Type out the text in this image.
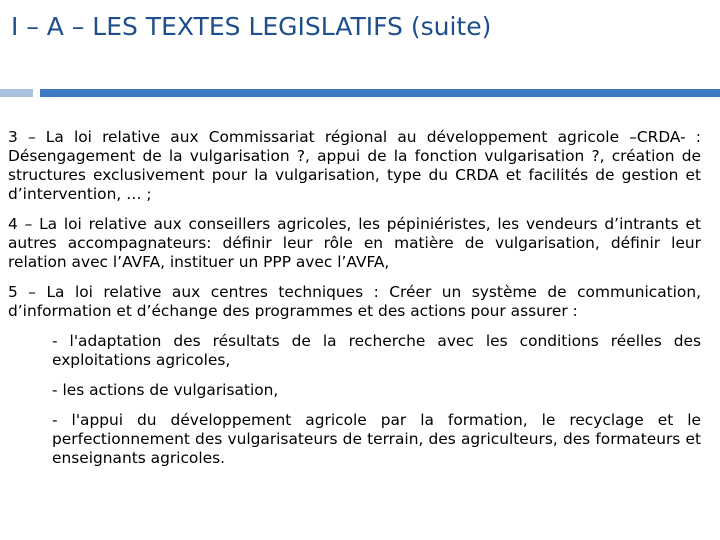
I – A – LES TEXTES LEGISLATIFS (suite)

3 – La loi relative aux Commissariat régional au développement agricole –CRDA- : Désengagement de la vulgarisation ?, appui de la fonction vulgarisation ?, création de structures exclusivement pour la vulgarisation, type du CRDA et facilités de gestion et d’intervention, … ;

4 – La loi relative aux conseillers agricoles, les pépiniéristes, les vendeurs d’intrants et autres accompagnateurs: définir leur rôle en matière de vulgarisation, définir leur relation avec l’AVFA, instituer un PPP avec l’AVFA,

5 – La loi relative aux centres techniques : Créer un système de communication, d’information et d’échange des programmes et des actions pour assurer :

- l'adaptation des résultats de la recherche avec les conditions réelles des exploitations agricoles,

- les actions de vulgarisation,

- l'appui du développement agricole par la formation, le recyclage et le perfectionnement des vulgarisateurs de terrain, des agriculteurs, des formateurs et enseignants agricoles.
